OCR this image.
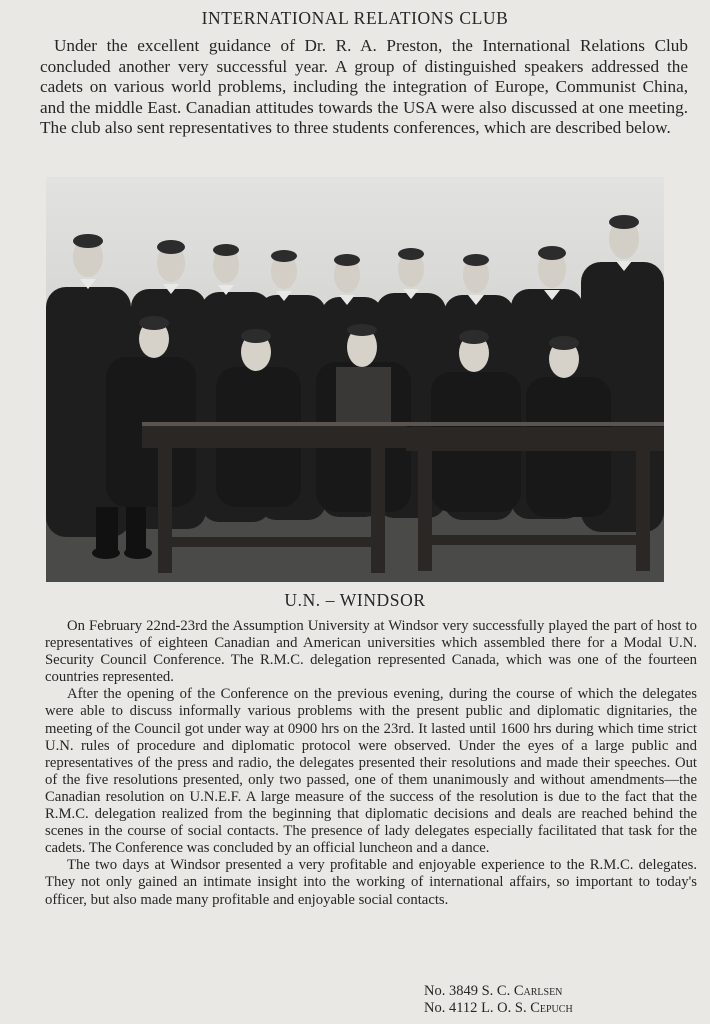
INTERNATIONAL RELATIONS CLUB

Under the excellent guidance of Dr. R. A. Preston, the International Relations Club concluded another very successful year. A group of distinguished speakers addressed the cadets on various world problems, including the integration of Europe, Communist China, and the middle East. Canadian attitudes towards the USA were also discussed at one meeting. The club also sent representatives to three students conferences, which are described below.

U.N. – WINDSOR

On February 22nd-23rd the Assumption University at Windsor very successfully played the part of host to representatives of eighteen Canadian and American universities which assembled there for a Modal U.N. Security Council Conference. The R.M.C. delegation represented Canada, which was one of the fourteen countries represented.

After the opening of the Conference on the previous evening, during the course of which the delegates were able to discuss informally various problems with the present public and diplomatic dignitaries, the meeting of the Council got under way at 0900 hrs on the 23rd. It lasted until 1600 hrs during which time strict U.N. rules of procedure and diplomatic protocol were observed. Under the eyes of a large public and representatives of the press and radio, the delegates presented their resolutions and made their speeches. Out of the five resolutions presented, only two passed, one of them unanimously and without amendments—the Canadian resolution on U.N.E.F. A large measure of the success of the resolution is due to the fact that the R.M.C. delegation realized from the beginning that diplomatic decisions and deals are reached behind the scenes in the course of social contacts. The presence of lady delegates especially facilitated that task for the cadets. The Conference was concluded by an official luncheon and a dance.

The two days at Windsor presented a very profitable and enjoyable experience to the R.M.C. delegates. They not only gained an intimate insight into the working of international affairs, so important to today's officer, but also made many profitable and enjoyable social contacts.

No. 3849 S. C. Carlsen
No. 4112 L. O. S. Cepuch
